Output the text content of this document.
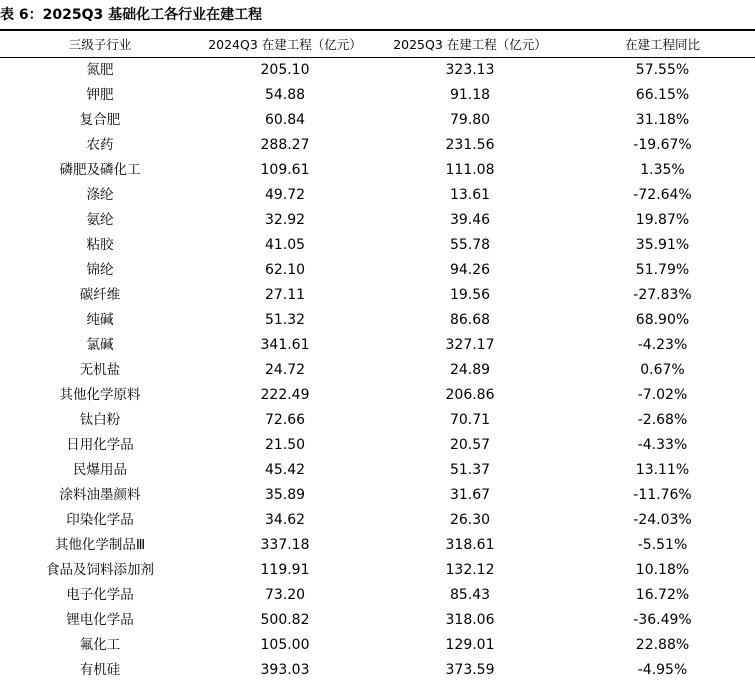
表 6：2025Q3 基础化工各行业在建工程
三级子行业	2024Q3 在建工程（亿元）	2025Q3 在建工程（亿元）	在建工程同比
氮肥	205.10	323.13	57.55%
钾肥	54.88	91.18	66.15%
复合肥	60.84	79.80	31.18%
农药	288.27	231.56	-19.67%
磷肥及磷化工	109.61	111.08	1.35%
涤纶	49.72	13.61	-72.64%
氨纶	32.92	39.46	19.87%
粘胶	41.05	55.78	35.91%
锦纶	62.10	94.26	51.79%
碳纤维	27.11	19.56	-27.83%
纯碱	51.32	86.68	68.90%
氯碱	341.61	327.17	-4.23%
无机盐	24.72	24.89	0.67%
其他化学原料	222.49	206.86	-7.02%
钛白粉	72.66	70.71	-2.68%
日用化学品	21.50	20.57	-4.33%
民爆用品	45.42	51.37	13.11%
涂料油墨颜料	35.89	31.67	-11.76%
印染化学品	34.62	26.30	-24.03%
其他化学制品Ⅲ	337.18	318.61	-5.51%
食品及饲料添加剂	119.91	132.12	10.18%
电子化学品	73.20	85.43	16.72%
锂电化学品	500.82	318.06	-36.49%
氟化工	105.00	129.01	22.88%
有机硅	393.03	373.59	-4.95%
